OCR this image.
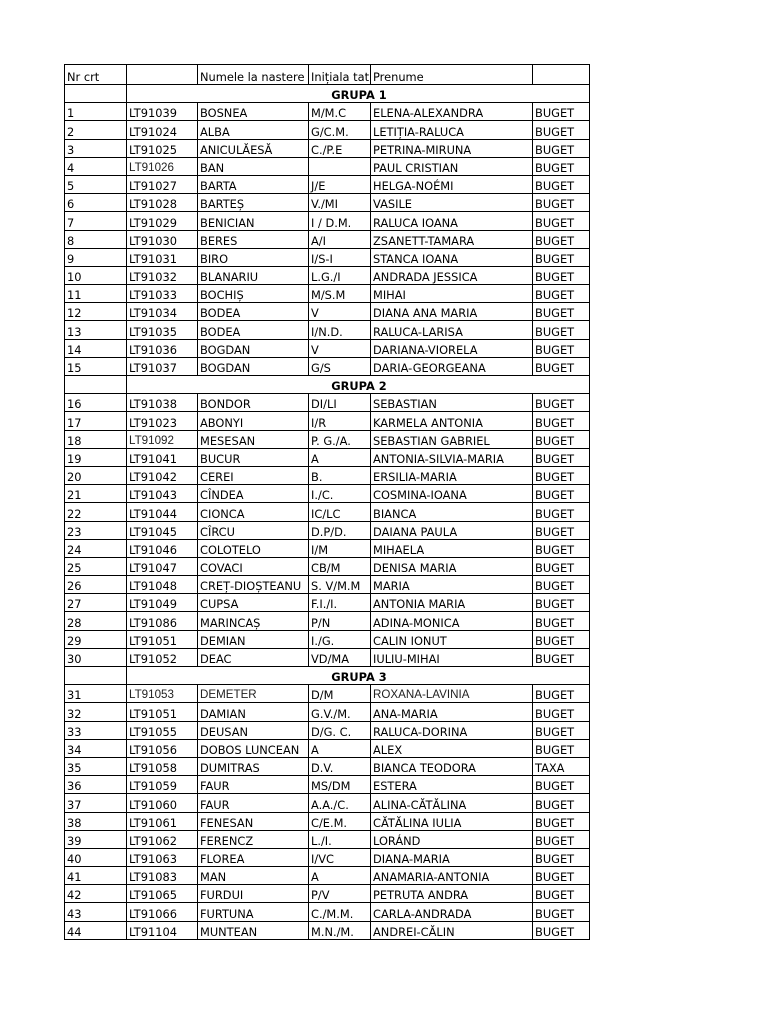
Nr crt		Numele la nastere	Inițiala tat	Prenume	
	GRUPA 1				
1	LT91039	BOSNEA	M/M.C	ELENA-ALEXANDRA	BUGET
2	LT91024	ALBA	G/C.M.	LETIȚIA-RALUCA	BUGET
3	LT91025	ANICULĂESĂ	C./P.E	PETRINA-MIRUNA	BUGET
4	LT91026	BAN		PAUL CRISTIAN	BUGET
5	LT91027	BARTA	J/E	HELGA-NOÉMI	BUGET
6	LT91028	BARTEȘ	V./MI	VASILE	BUGET
7	LT91029	BENICIAN	I / D.M.	RALUCA IOANA	BUGET
8	LT91030	BERES	A/I	ZSANETT-TAMARA	BUGET
9	LT91031	BIRO	I/S-I	STANCA IOANA	BUGET
10	LT91032	BLANARIU	L.G./I	ANDRADA JESSICA	BUGET
11	LT91033	BOCHIȘ	M/S.M	MIHAI	BUGET
12	LT91034	BODEA	V	DIANA ANA MARIA	BUGET
13	LT91035	BODEA	I/N.D.	RALUCA-LARISA	BUGET
14	LT91036	BOGDAN	V	DARIANA-VIORELA	BUGET
15	LT91037	BOGDAN	G/S	DARIA-GEORGEANA	BUGET
	GRUPA 2				
16	LT91038	BONDOR	DI/LI	SEBASTIAN	BUGET
17	LT91023	ABONYI	I/R	KARMELA ANTONIA	BUGET
18	LT91092	MESESAN	P. G./A.	SEBASTIAN GABRIEL	BUGET
19	LT91041	BUCUR	A	ANTONIA-SILVIA-MARIA	BUGET
20	LT91042	CEREI	B.	ERSILIA-MARIA	BUGET
21	LT91043	CÎNDEA	I./C.	COSMINA-IOANA	BUGET
22	LT91044	CIONCA	IC/LC	BIANCA	BUGET
23	LT91045	CÎRCU	D.P/D.	DAIANA PAULA	BUGET
24	LT91046	COLOTELO	I/M	MIHAELA	BUGET
25	LT91047	COVACI	CB/M	DENISA MARIA	BUGET
26	LT91048	CREȚ-DIOȘTEANU	S. V/M.M	MARIA	BUGET
27	LT91049	CUPSA	F.I./I.	ANTONIA MARIA	BUGET
28	LT91086	MARINCAȘ	P/N	ADINA-MONICA	BUGET
29	LT91051	DEMIAN	I./G.	CALIN IONUT	BUGET
30	LT91052	DEAC	VD/MA	IULIU-MIHAI	BUGET
	GRUPA 3				
31	LT91053	DEMETER	D/M	ROXANA-LAVINIA	BUGET
32	LT91051	DAMIAN	G.V./M.	ANA-MARIA	BUGET
33	LT91055	DEUSAN	D/G. C.	RALUCA-DORINA	BUGET
34	LT91056	DOBOS LUNCEAN	A	ALEX	BUGET
35	LT91058	DUMITRAS	D.V.	BIANCA TEODORA	TAXA
36	LT91059	FAUR	MS/DM	ESTERA	BUGET
37	LT91060	FAUR	A.A./C.	ALINA-CĂTĂLINA	BUGET
38	LT91061	FENESAN	C/E.M.	CĂTĂLINA IULIA	BUGET
39	LT91062	FERENCZ	L./I.	LORÁND	BUGET
40	LT91063	FLOREA	I/VC	DIANA-MARIA	BUGET
41	LT91083	MAN	A	ANAMARIA-ANTONIA	BUGET
42	LT91065	FURDUI	P/V	PETRUTA ANDRA	BUGET
43	LT91066	FURTUNA	C./M.M.	CARLA-ANDRADA	BUGET
44	LT91104	MUNTEAN	M.N./M.	ANDREI-CĂLIN	BUGET
